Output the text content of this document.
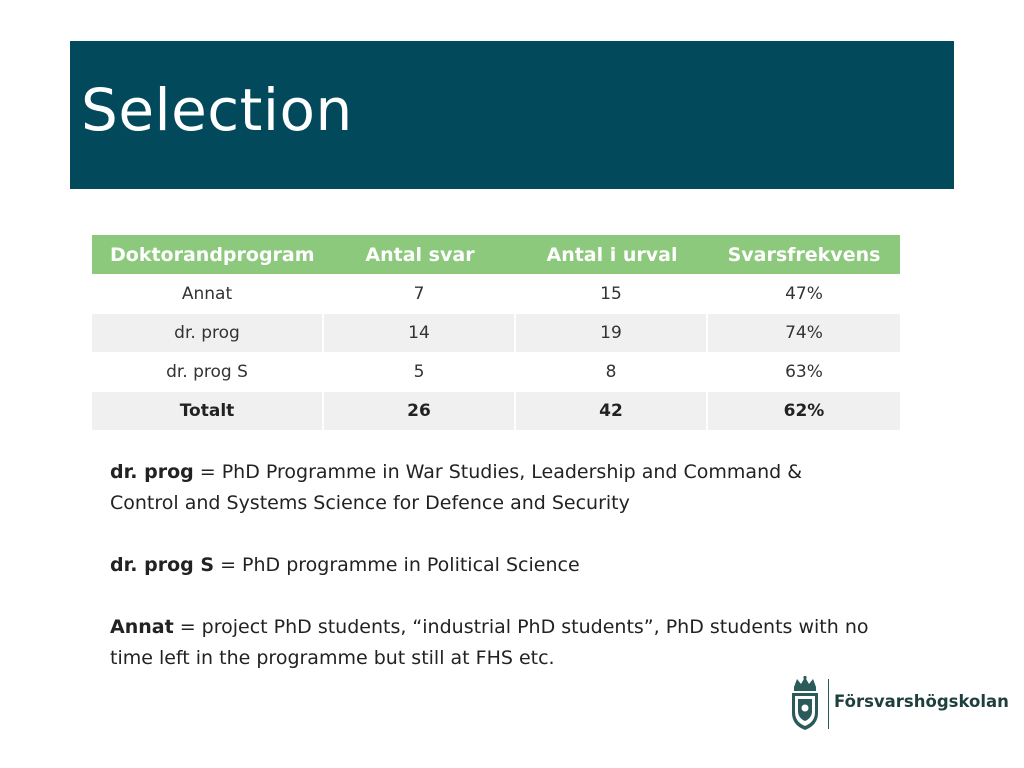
Selection
Doktorandprogram	Antal svar	Antal i urval	Svarsfrekvens
Annat	7	15	47%
dr. prog	14	19	74%
dr. prog S	5	8	63%
Totalt	26	42	62%

dr. prog = PhD Programme in War Studies, Leadership and Command & Control and Systems Science for Defence and Security

dr. prog S = PhD programme in Political Science

Annat = project PhD students, “industrial PhD students”, PhD students with no time left in the programme but still at FHS etc.

Försvarshögskolan
